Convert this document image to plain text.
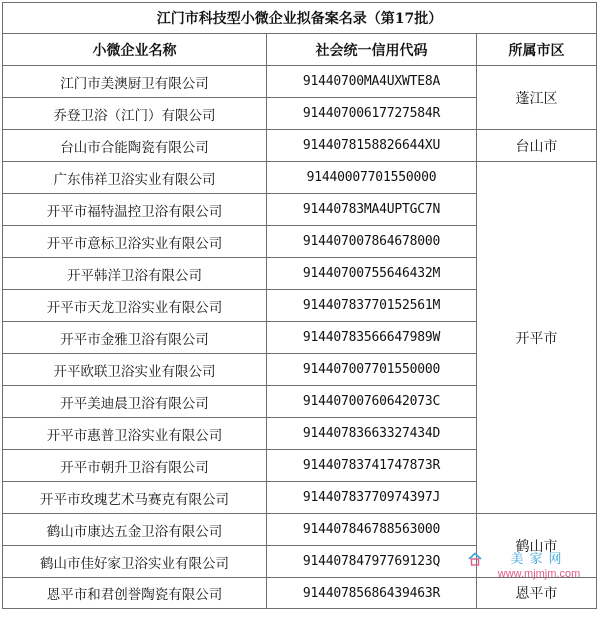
江门市科技型小微企业拟备案名录（第17批）		
小微企业名称	社会统一信用代码	所属市区
江门市美澳厨卫有限公司	91440700MA4UXWTE8A	蓬江区
乔登卫浴（江门）有限公司	91440700617727584R	
台山市合能陶瓷有限公司	9144078158826644XU	台山市
广东伟祥卫浴实业有限公司	91440007701550000	开平市
开平市福特温控卫浴有限公司	91440783MA4UPTGC7N	
开平市意标卫浴实业有限公司	914407007864678000	
开平韩洋卫浴有限公司	91440700755646432M	
开平市天龙卫浴实业有限公司	91440783770152561M	
开平市金雅卫浴有限公司	91440783566647989W	
开平欧联卫浴实业有限公司	914407007701550000	
开平美迪晨卫浴有限公司	91440700760642073C	
开平市惠普卫浴实业有限公司	91440783663327434D	
开平市朝升卫浴有限公司	91440783741747873R	
开平市玫瑰艺术马赛克有限公司	91440783770974397J	
鹤山市康达五金卫浴有限公司	914407846788563000	鹤山市
鹤山市佳好家卫浴实业有限公司	91440784797769123Q	
恩平市和君创誉陶瓷有限公司	91440785686439463R	恩平市
美家网
www.mjmjm.com
